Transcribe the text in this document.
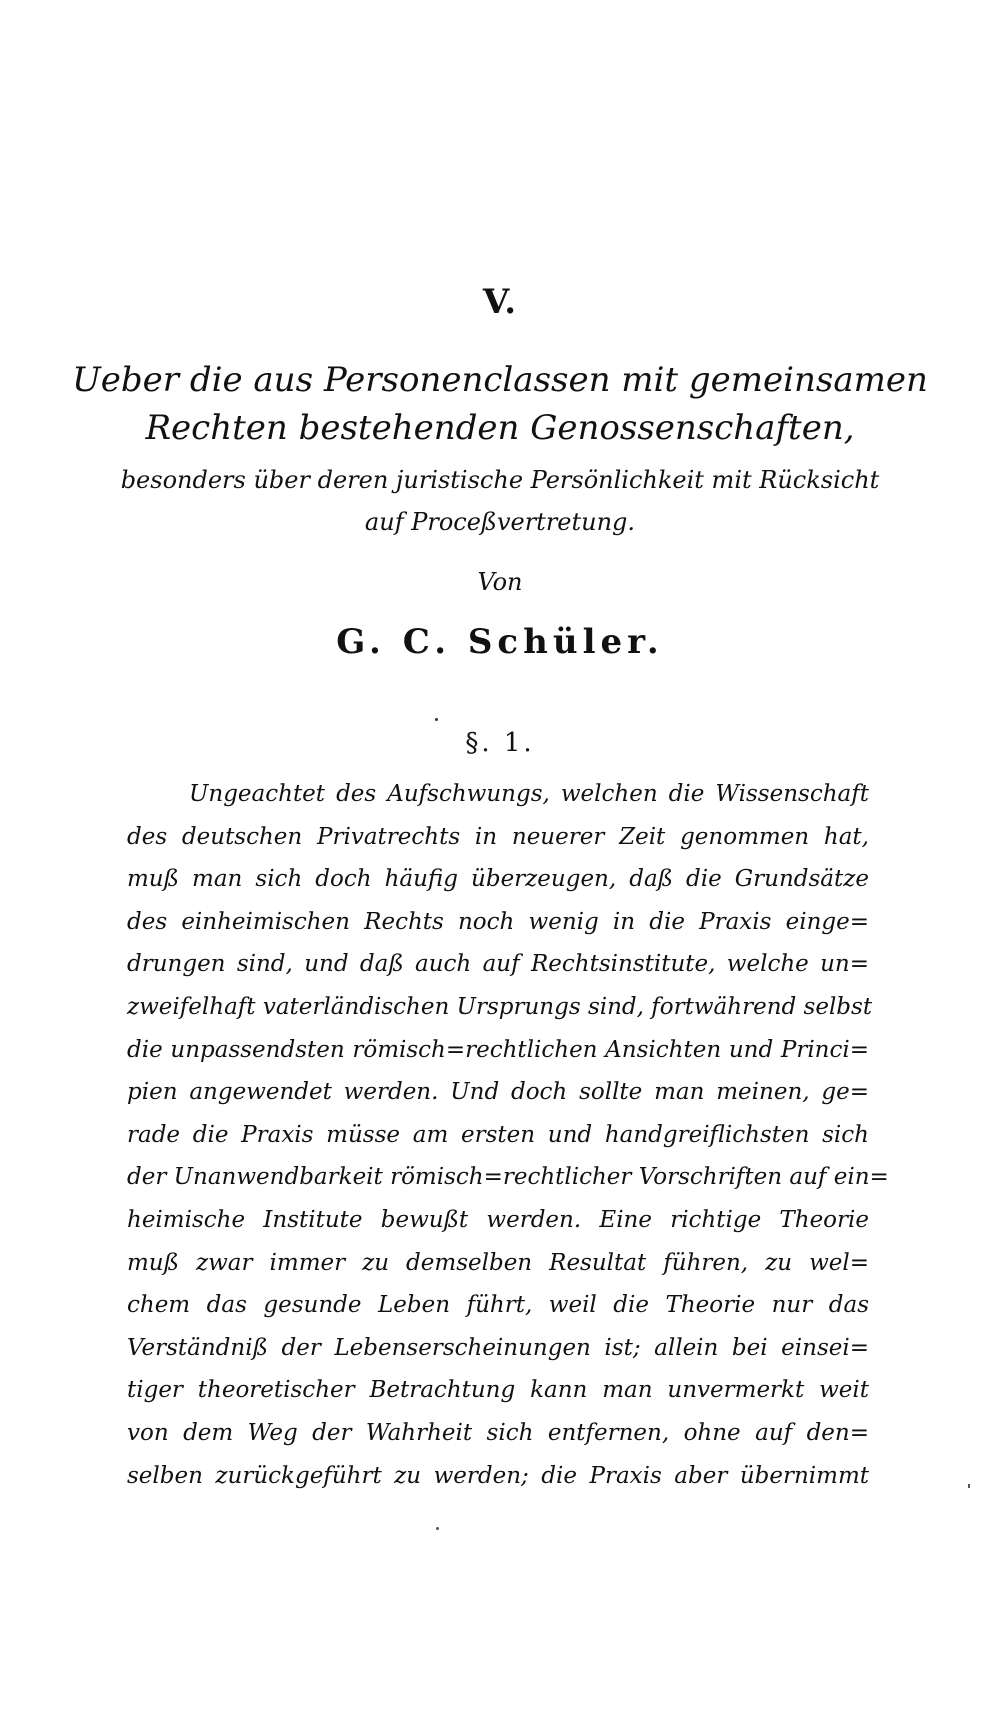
V.
Ueber die aus Personenclassen mit gemeinsamen
Rechten bestehenden Genossenschaften,
besonders über deren juristische Persönlichkeit mit Rücksicht
auf Proceßvertretung.
Von
G. C. Schüler.
§. 1.
Ungeachtet des Aufschwungs, welchen die Wissenschaft
des deutschen Privatrechts in neuerer Zeit genommen hat,
muß man sich doch häufig überzeugen, daß die Grundsätze
des einheimischen Rechts noch wenig in die Praxis einge=
drungen sind, und daß auch auf Rechtsinstitute, welche un=
zweifelhaft vaterländischen Ursprungs sind, fortwährend selbst
die unpassendsten römisch=rechtlichen Ansichten und Princi=
pien angewendet werden. Und doch sollte man meinen, ge=
rade die Praxis müsse am ersten und handgreiflichsten sich
der Unanwendbarkeit römisch=rechtlicher Vorschriften auf ein=
heimische Institute bewußt werden. Eine richtige Theorie
muß zwar immer zu demselben Resultat führen, zu wel=
chem das gesunde Leben führt, weil die Theorie nur das
Verständniß der Lebenserscheinungen ist; allein bei einsei=
tiger theoretischer Betrachtung kann man unvermerkt weit
von dem Weg der Wahrheit sich entfernen, ohne auf den=
selben zurückgeführt zu werden; die Praxis aber übernimmt
